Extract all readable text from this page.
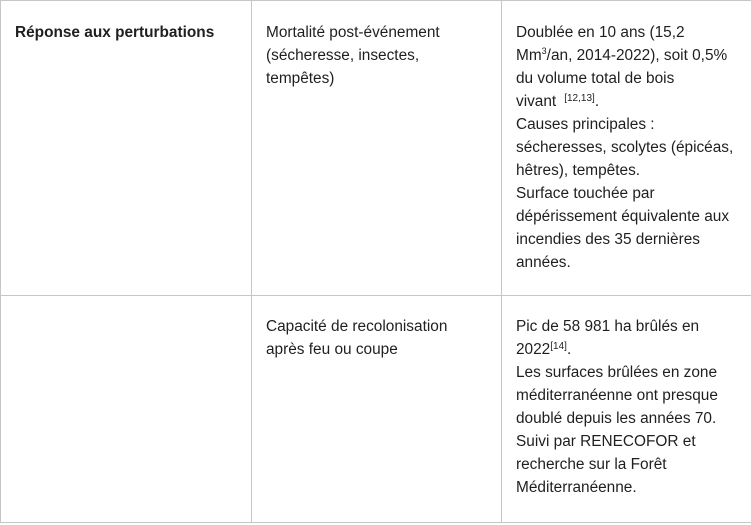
Réponse aux perturbations	Mortalité post-événement (sécheresse, insectes, tempêtes)	Doublée en 10 ans (15,2 Mm$^3$/an, 2014-2022), soit 0,5% du volume total de bois vivant [12,13].
Causes principales : sécheresses, scolytes (épicéas, hêtres), tempêtes.
Surface touchée par dépérissement équivalente aux incendies des 35 dernières années.

	Capacité de recolonisation après feu ou coupe	Pic de 58 981 ha brûlés en 2022[14].
Les surfaces brûlées en zone méditerranéenne ont presque doublé depuis les années 70.
Suivi par RENECOFOR et recherche sur la Forêt Méditerranéenne.
